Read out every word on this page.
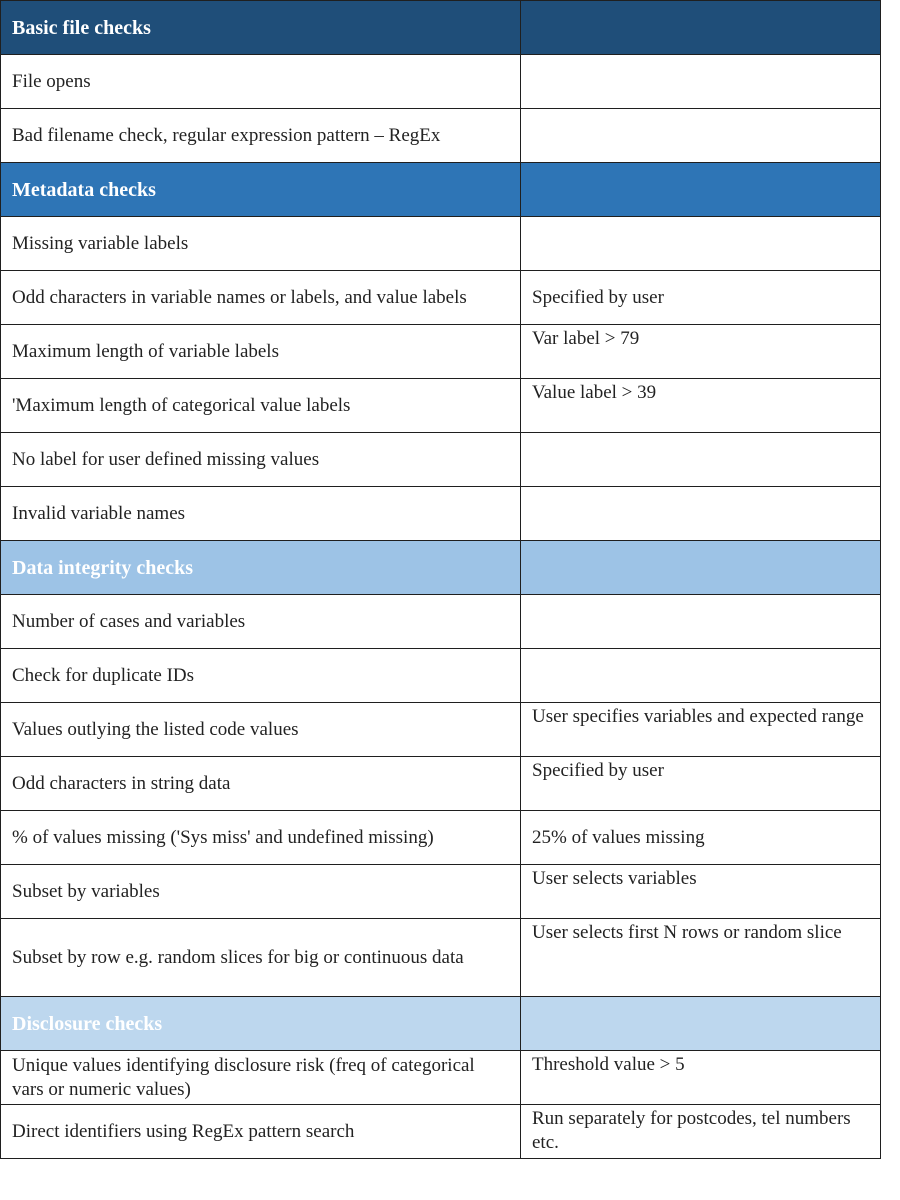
Basic file checks	
File opens	
Bad filename check, regular expression pattern – RegEx	
Metadata checks	
Missing variable labels	
Odd characters in variable names or labels, and value labels	Specified by user
Maximum length of variable labels	Var label > 79
'Maximum length of categorical value labels	Value label > 39
No label for user defined missing values	
Invalid variable names	
Data integrity checks	
Number of cases and variables	
Check for duplicate IDs	
Values outlying the listed code values	User specifies variables and expected range
Odd characters in string data	Specified by user
% of values missing ('Sys miss' and undefined missing)	25% of values missing
Subset by variables	User selects variables
Subset by row e.g. random slices for big or continuous data	User selects first N rows or random slice
Disclosure checks	
Unique values identifying disclosure risk (freq of categorical vars or numeric values)	Threshold value > 5
Direct identifiers using RegEx pattern search	Run separately for postcodes, tel numbers etc.
